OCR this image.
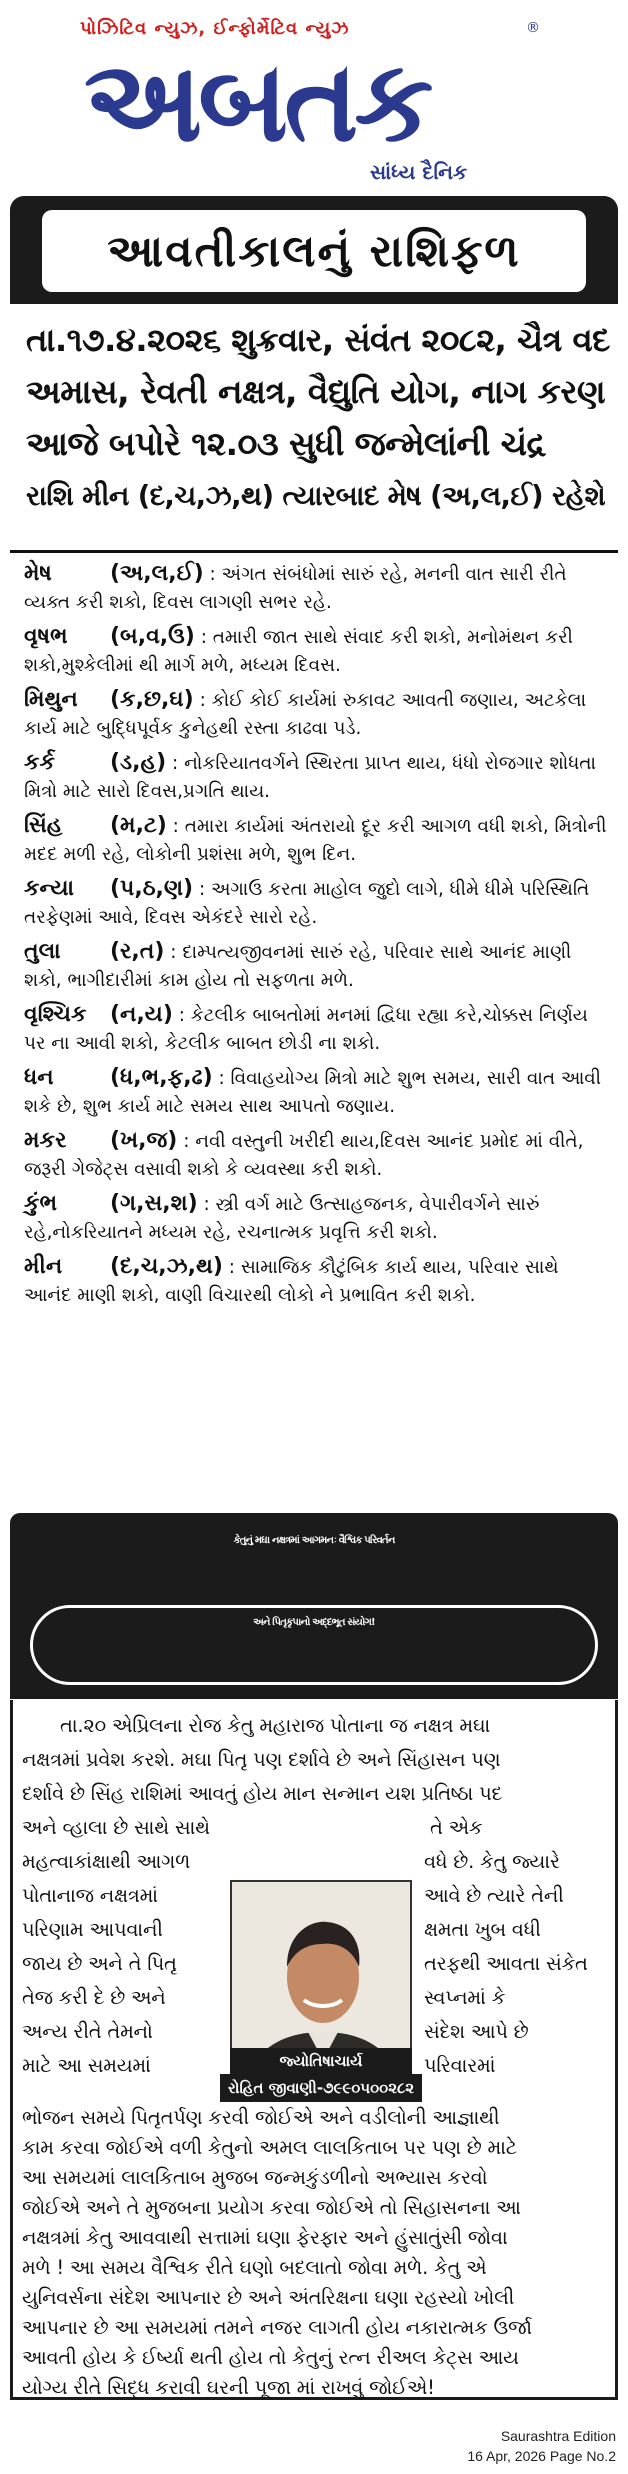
પોઝિટિવ ન્યુઝ, ઈન્ફોર્મેટિવ ન્યુઝ
અબતક
®
સાંધ્ય દૈનિક
આવતીકાલનું રાશિફળ
તા.૧૭.૪.૨૦૨૬ શુક્રવાર, સંવંત ૨૦૮૨, ચૈત્ર વદ
અમાસ, રેવતી નક્ષત્ર, વૈદ્યુતિ યોગ, નાગ કરણ
આજે બપોરે ૧૨.૦૩ સુધી જન્મેલાંની ચંદ્ર
રાશિ મીન (દ,ચ,ઝ,થ) ત્યારબાદ મેષ (અ,લ,ઈ) રહેશે
મેષ	(અ,લ,ઈ) : અંગત સંબંધોમાં સારું રહે, મનની વાત સારી રીતે વ્યક્ત કરી શકો, દિવસ લાગણી સભર રહે.
વૃષભ (બ,વ,ઉ) : તમારી જાત સાથે સંવાદ કરી શકો, મનોમંથન કરી શકો,મુશ્કેલીમાં થી માર્ગ મળે, મધ્યમ દિવસ.
મિથુન (ક,છ,ઘ) : કોઈ કોઈ કાર્યમાં રુકાવટ આવતી જણાય, અટકેલા કાર્ય માટે બુદ્ધિપૂર્વક કુનેહથી રસ્તા કાઢવા પડે.
કર્ક (ડ,હ) : નોકરિયાતવર્ગને સ્થિરતા પ્રાપ્ત થાય, ધંધો રોજગાર શોધતા મિત્રો માટે સારો દિવસ,પ્રગતિ થાય.
સિંહ (મ,ટ) : તમારા કાર્યમાં અંતરાયો દૂર કરી આગળ વધી શકો, મિત્રોની મદદ મળી રહે, લોકોની પ્રશંસા મળે, શુભ દિન.
કન્યા (પ,ઠ,ણ) : અગાઉ કરતા માહોલ જુદો લાગે, ધીમે ધીમે પરિસ્થિતિ તરફેણમાં આવે, દિવસ એકંદરે સારો રહે.
તુલા (ર,ત) : દામ્પત્યજીવનમાં સારું રહે, પરિવાર સાથે આનંદ માણી શકો, ભાગીદારીમાં કામ હોય તો સફળતા મળે.
વૃશ્ચિક (ન,ય) : કેટલીક બાબતોમાં મનમાં દ્વિધા રહ્યા કરે,ચોક્કસ નિર્ણય પર ના આવી શકો, કેટલીક બાબત છોડી ના શકો.
ધન	(ધ,ભ,ફ,ઢ) : વિવાહયોગ્ય મિત્રો માટે શુભ સમય, સારી વાત આવી શકે છે, શુભ કાર્ય માટે સમય સાથ આપતો જણાય.
મકર (ખ,જ) : નવી વસ્તુની ખરીદી થાય,દિવસ આનંદ પ્રમોદ માં વીતે, જરૂરી ગેજેટ્સ વસાવી શકો કે વ્યવસ્થા કરી શકો.
કુંભ (ગ,સ,શ) : સ્ત્રી વર્ગ માટે ઉત્સાહજનક, વેપારીવર્ગને સારું રહે,નોકરિયાતને મધ્યમ રહે, રચનાત્મક પ્રવૃત્તિ કરી શકો.
મીન (દ,ચ,ઝ,થ) : સામાજિક કૌટુંબિક કાર્ય થાય, પરિવાર સાથે આનંદ માણી શકો, વાણી વિચારથી લોકો ને પ્રભાવિત કરી શકો.
કેતુનું મઘા નક્ષત્રમાં આગમનઃ વૈશ્વિક પરિવર્તન
અને પિતૃકૃપાનો અદ્દભૂત સંયોગ!
તા.૨૦ એપ્રિલના રોજ કેતુ મહારાજ પોતાના જ નક્ષત્ર મઘા
નક્ષત્રમાં પ્રવેશ કરશે. મઘા પિતૃ પણ દર્શાવે છે અને સિંહાસન પણ
દર્શાવે છે સિંહ રાશિમાં આવતું હોય માન સન્માન યશ પ્રતિષ્ઠા પદ
અને વ્હાલા છે સાથે સાથે
મહત્વાકાંક્ષાથી આગળ
પોતાનાજ નક્ષત્રમાં
પરિણામ આપવાની
જાય છે અને તે પિતૃ
તેજ કરી દે છે અને
અન્ય રીતે તેમનો
માટે આ સમયમાં
તે એક
વધે છે. કેતુ જ્યારે
આવે છે ત્યારે તેની
ક્ષમતા ખુબ વધી
તરફથી આવતા સંકેત
સ્વપ્નમાં કે
સંદેશ આપે છે
પરિવારમાં
જ્યોતિષાચાર્ય
રોહિત જીવાણી-૭૯૯૦૫૦૦૨૮૨
ભોજન સમયે પિતૃતર્પણ કરવી જોઈએ અને વડીલોની આજ્ઞાથી
કામ કરવા જોઈએ વળી કેતુનો અમલ લાલકિતાબ પર પણ છે માટે
આ સમયમાં લાલકિતાબ મુજબ જન્મકુંડળીનો અભ્યાસ કરવો
જોઈએ અને તે મુજબના પ્રયોગ કરવા જોઈએ તો સિહાસનના આ
નક્ષત્રમાં કેતુ આવવાથી સત્તામાં ઘણા ફેરફાર અને હુંસાતુંસી જોવા
મળે ! આ સમય વૈશ્વિક રીતે ઘણો બદલાતો જોવા મળે. કેતુ એ
યુનિવર્સના સંદેશ આપનાર છે અને અંતરિક્ષના ઘણા રહસ્યો ખોલી
આપનાર છે આ સમયમાં તમને નજર લાગતી હોય નકારાત્મક ઉર્જા
આવતી હોય કે ઈર્ષ્યા થતી હોય તો કેતુનું રત્ન રીઅલ કેટ્સ આય
યોગ્ય રીતે સિદ્ધ કરાવી ઘરની પૂજા માં રાખવું જોઈએ!
Saurashtra Edition
16 Apr, 2026 Page No.2
